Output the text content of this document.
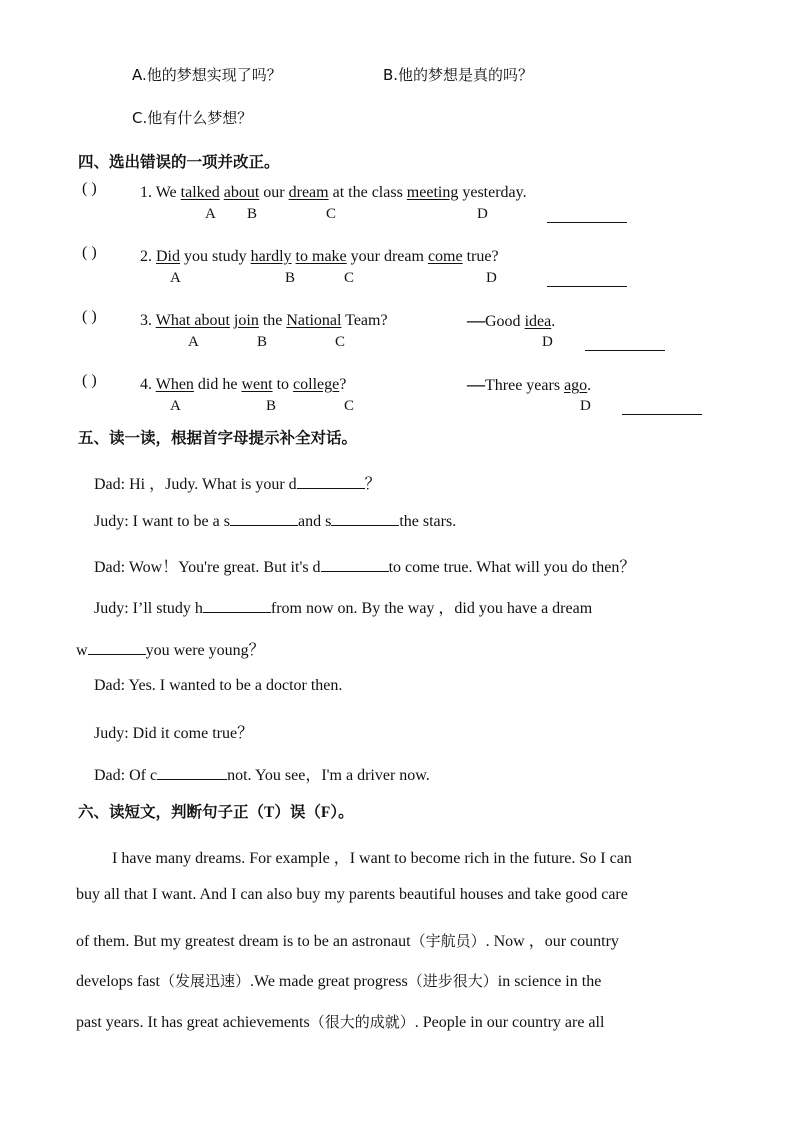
A.他的梦想实现了吗？	B.他的梦想是真的吗？
C.他有什么梦想？
四、选出错误的一项并改正。
( )	1. We talked about our dream at the class meeting yesterday.
A B	C	D
( )	2. Did you study hardly to make your dream come true?
A	B	C	D
( )	3. What about join the National Team?	—Good idea.
A	B	C	D
( )	4. When did he went to college?	—Three years ago.
A	B	C	D
五、读一读，根据首字母提示补全对话。
Dad: Hi ，Judy. What is your d	？
Judy: I want to be a s	and s	the stars.
Dad: Wow！You're great. But it's d	to come true. What will you do then？
Judy: I’ll study h	from now on. By the way ，did you have a dream
w	you were young？
Dad: Yes. I wanted to be a doctor then.
Judy: Did it come true？
Dad: Of c	not. You see，I'm a driver now.
六、读短文，判断句子正（T）误（F）。
I have many dreams. For example ，I want to become rich in the future. So I can
buy all that I want. And I can also buy my parents beautiful houses and take good care
of them. But my greatest dream is to be an astronaut（宇航员）. Now ，our country
develops fast（发展迅速）.We made great progress（进步很大）in science in the
past years. It has great achievements（很大的成就）. People in our country are all
